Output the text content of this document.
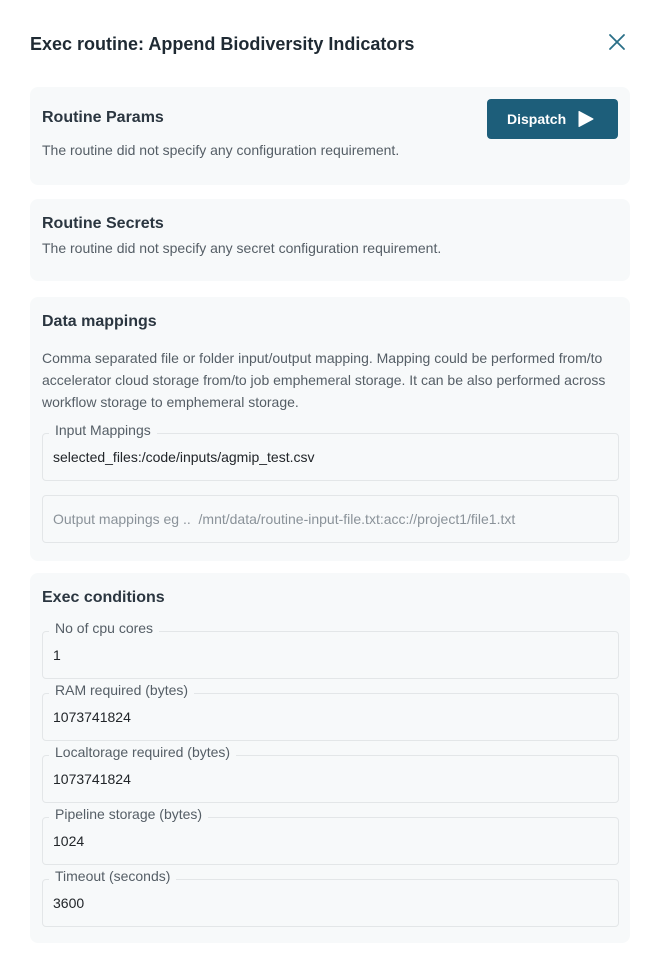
Exec routine: Append Biodiversity Indicators
Routine Params
The routine did not specify any configuration requirement.
Dispatch
Routine Secrets
The routine did not specify any secret configuration requirement.
Data mappings
Comma separated file or folder input/output mapping. Mapping could be performed from/to accelerator cloud storage from/to job emphemeral storage. It can be also performed across workflow storage to emphemeral storage.
Input Mappings
selected_files:/code/inputs/agmip_test.csv
Output mappings eg .. /mnt/data/routine-input-file.txt:acc://project1/file1.txt
Exec conditions
No of cpu cores
1
RAM required (bytes)
1073741824
Localtorage required (bytes)
1073741824
Pipeline storage (bytes)
1024
Timeout (seconds)
3600
